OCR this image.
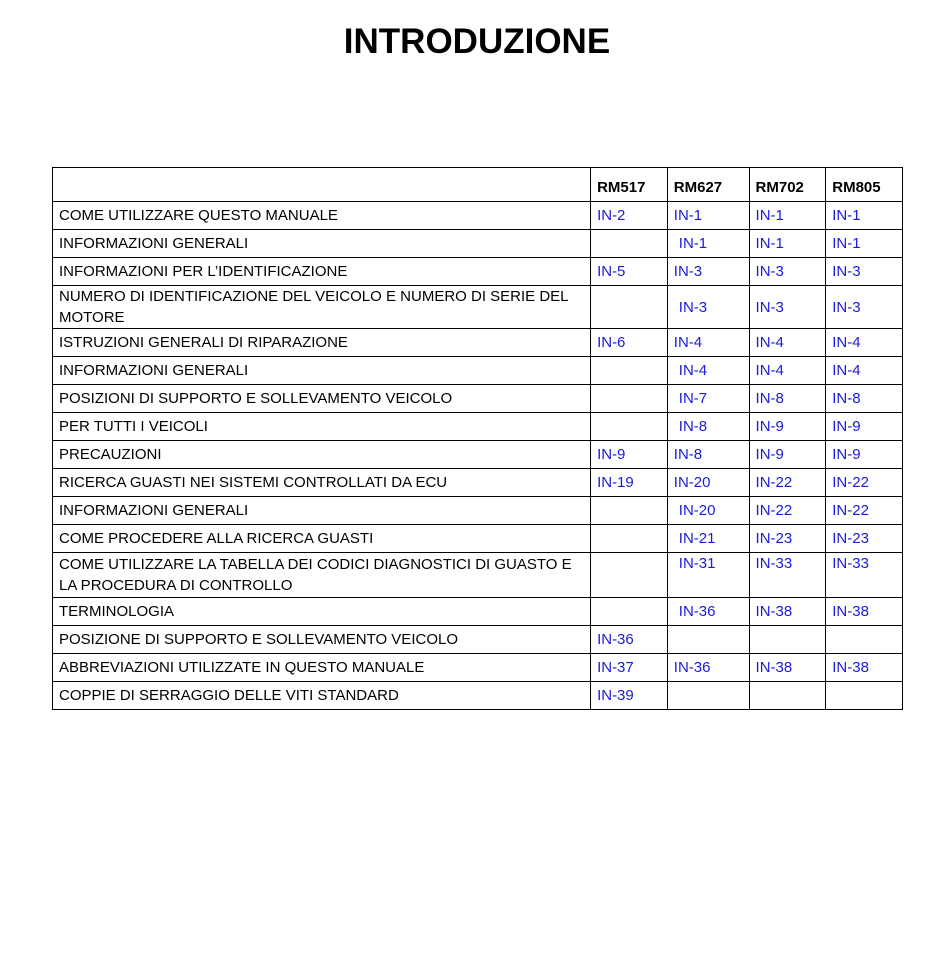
INTRODUZIONE
	RM517	RM627	RM702	RM805
COME UTILIZZARE QUESTO MANUALE	IN-2	IN-1	IN-1	IN-1
INFORMAZIONI GENERALI		IN-1	IN-1	IN-1
INFORMAZIONI PER L’IDENTIFICAZIONE	IN-5	IN-3	IN-3	IN-3
NUMERO DI IDENTIFICAZIONE DEL VEICOLO E NUMERO DI SERIE DEL MOTORE		IN-3	IN-3	IN-3
ISTRUZIONI GENERALI DI RIPARAZIONE	IN-6	IN-4	IN-4	IN-4
INFORMAZIONI GENERALI		IN-4	IN-4	IN-4
POSIZIONI DI SUPPORTO E SOLLEVAMENTO VEICOLO		IN-7	IN-8	IN-8
PER TUTTI I VEICOLI		IN-8	IN-9	IN-9
PRECAUZIONI	IN-9	IN-8	IN-9	IN-9
RICERCA GUASTI NEI SISTEMI CONTROLLATI DA ECU	IN-19	IN-20	IN-22	IN-22
INFORMAZIONI GENERALI		IN-20	IN-22	IN-22
COME PROCEDERE ALLA RICERCA GUASTI		IN-21	IN-23	IN-23
COME UTILIZZARE LA TABELLA DEI CODICI DIAGNOSTICI DI GUASTO E LA PROCEDURA DI CONTROLLO		IN-31	IN-33	IN-33
TERMINOLOGIA		IN-36	IN-38	IN-38
POSIZIONE DI SUPPORTO E SOLLEVAMENTO VEICOLO	IN-36			
ABBREVIAZIONI UTILIZZATE IN QUESTO MANUALE	IN-37	IN-36	IN-38	IN-38
COPPIE DI SERRAGGIO DELLE VITI STANDARD	IN-39			
